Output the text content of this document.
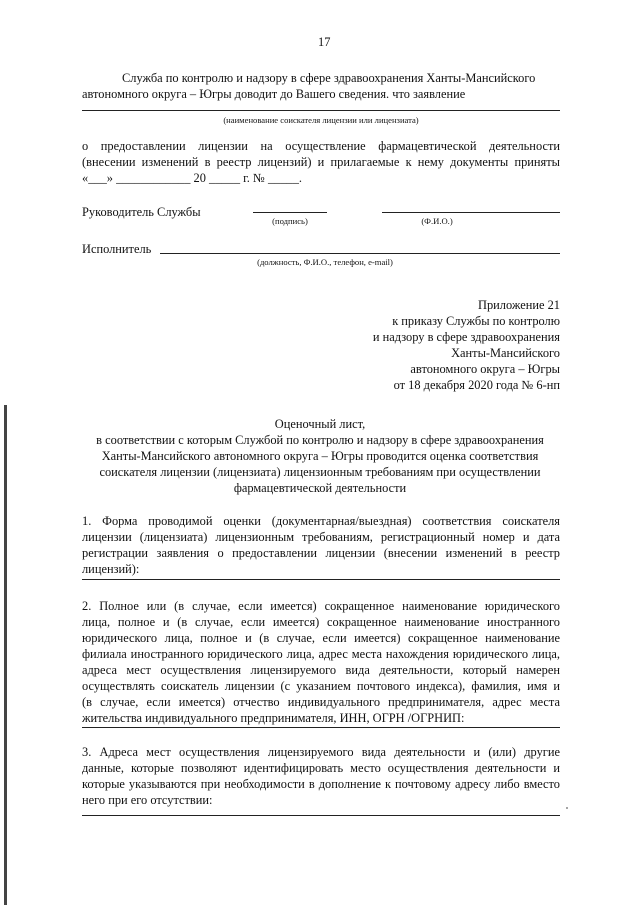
17
Служба по контролю и надзору в сфере здравоохранения Ханты-Мансийского
автономного округа – Югры доводит до Вашего сведения. что заявление
(наименование соискателя лицензии или лицензиата)
о предоставлении лицензии на осуществление фармацевтической деятельности
(внесении изменений в реестр лицензий) и прилагаемые к нему документы приняты
«___» ____________ 20 _____ г. № _____.
Руководитель Службы
(подпись)	(Ф.И.О.)
Исполнитель
(должность, Ф.И.О., телефон, e-mail)
Приложение 21
к приказу Службы по контролю
и надзору в сфере здравоохранения
Ханты-Мансийского
автономного округа – Югры
от 18 декабря 2020 года № 6-нп
Оценочный лист,
в соответствии с которым Службой по контролю и надзору в сфере здравоохранения
Ханты-Мансийского автономного округа – Югры проводится оценка соответствия
соискателя лицензии (лицензиата) лицензионным требованиям при осуществлении
фармацевтической деятельности
1. Форма проводимой оценки (документарная/выездная) соответствия соискателя
лицензии (лицензиата) лицензионным требованиям, регистрационный номер и дата
регистрации заявления о предоставлении лицензии (внесении изменений в реестр
лицензий):
2. Полное или (в случае, если имеется) сокращенное наименование юридического
лица, полное и (в случае, если имеется) сокращенное наименование иностранного
юридического лица, полное и (в случае, если имеется) сокращенное наименование
филиала иностранного юридического лица, адрес места нахождения юридического лица,
адреса мест осуществления лицензируемого вида деятельности, который намерен
осуществлять соискатель лицензии (с указанием почтового индекса), фамилия, имя и
(в случае, если имеется) отчество индивидуального предпринимателя, адрес места
жительства индивидуального предпринимателя, ИНН, ОГРН /ОГРНИП:
3. Адреса мест осуществления лицензируемого вида деятельности и (или) другие
данные, которые позволяют идентифицировать место осуществления деятельности и
которые указываются при необходимости в дополнение к почтовому адресу либо вместо
него при его отсутствии:
